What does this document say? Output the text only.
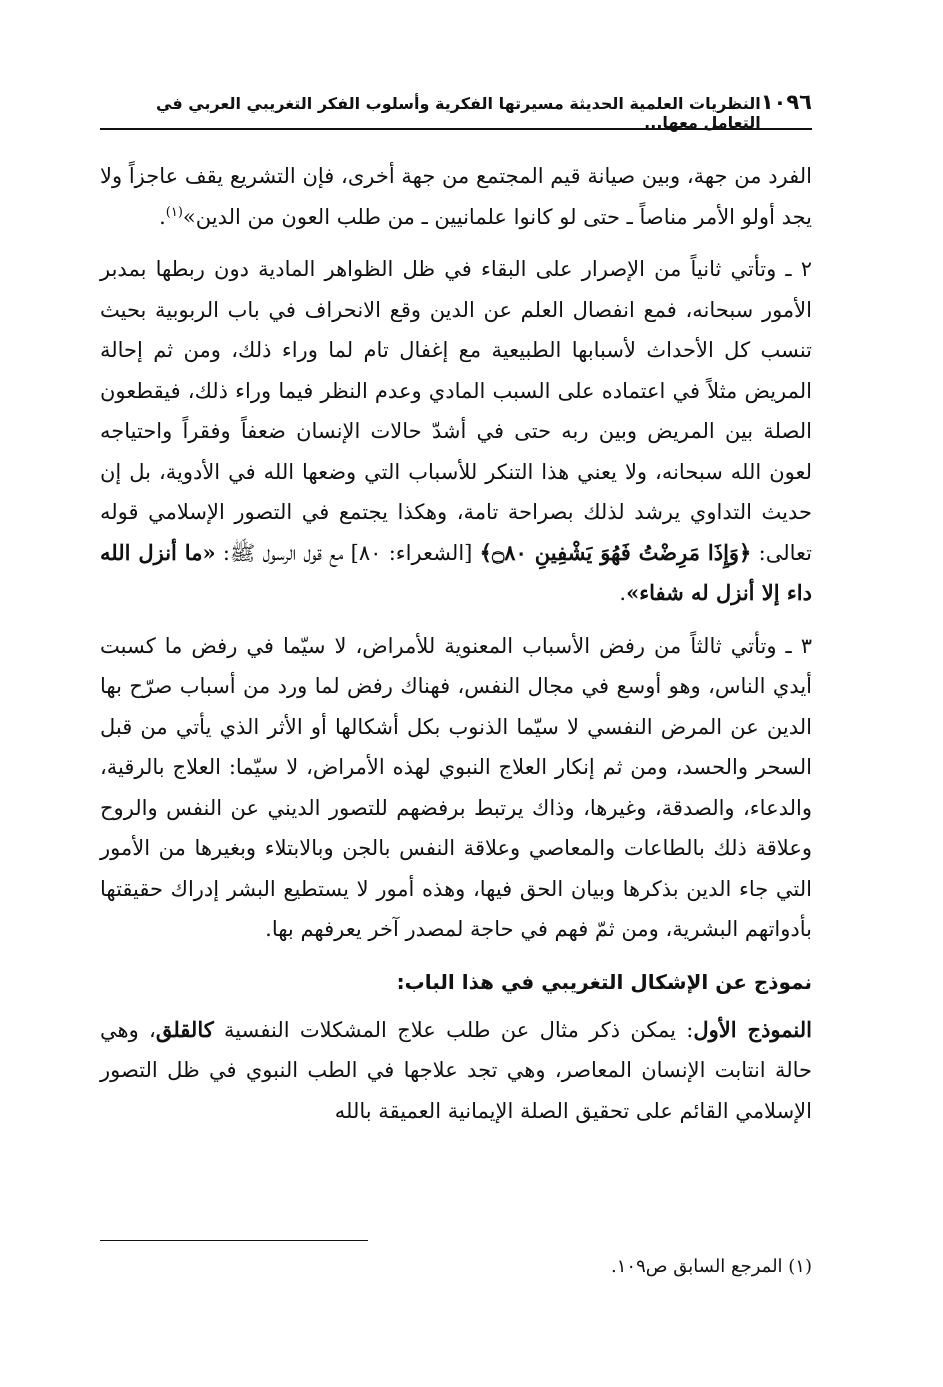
١٠٩٦
النظريات العلمية الحديثة مسيرتها الفكرية وأسلوب الفكر التغريبي العربي في التعامل معها...

الفرد من جهة، وبين صيانة قيم المجتمع من جهة أخرى، فإن التشريع يقف عاجزاً ولا يجد أولو الأمر مناصاً ـ حتى لو كانوا علمانيين ـ من طلب العون من الدين»$^{(١)}$.

٢ ـ وتأتي ثانياً من الإصرار على البقاء في ظل الظواهر المادية دون ربطها بمدبر الأمور سبحانه، فمع انفصال العلم عن الدين وقع الانحراف في باب الربوبية بحيث تنسب كل الأحداث لأسبابها الطبيعية مع إغفال تام لما وراء ذلك، ومن ثم إحالة المريض مثلاً في اعتماده على السبب المادي وعدم النظر فيما وراء ذلك، فيقطعون الصلة بين المريض وبين ربه حتى في أشدّ حالات الإنسان ضعفاً وفقراً واحتياجه لعون الله سبحانه، ولا يعني هذا التنكر للأسباب التي وضعها الله في الأدوية، بل إن حديث التداوي يرشد لذلك بصراحة تامة، وهكذا يجتمع في التصور الإسلامي قوله تعالى: ﴿وَإِذَا مَرِضْتُ فَهُوَ يَشْفِينِ ۝٨٠﴾ [الشعراء: ٨٠] مع قول الرسول ﷺ: «ما أنزل الله داء إلا أنزل له شفاء».

٣ ـ وتأتي ثالثاً من رفض الأسباب المعنوية للأمراض، لا سيّما في رفض ما كسبت أيدي الناس، وهو أوسع في مجال النفس، فهناك رفض لما ورد من أسباب صرّح بها الدين عن المرض النفسي لا سيّما الذنوب بكل أشكالها أو الأثر الذي يأتي من قبل السحر والحسد، ومن ثم إنكار العلاج النبوي لهذه الأمراض، لا سيّما: العلاج بالرقية، والدعاء، والصدقة، وغيرها، وذاك يرتبط برفضهم للتصور الديني عن النفس والروح وعلاقة ذلك بالطاعات والمعاصي وعلاقة النفس بالجن وبالابتلاء وبغيرها من الأمور التي جاء الدين بذكرها وبيان الحق فيها، وهذه أمور لا يستطيع البشر إدراك حقيقتها بأدواتهم البشرية، ومن ثمّ فهم في حاجة لمصدر آخر يعرفهم بها.

نموذج عن الإشكال التغريبي في هذا الباب:

النموذج الأول: يمكن ذكر مثال عن طلب علاج المشكلات النفسية كالقلق، وهي حالة انتابت الإنسان المعاصر، وهي تجد علاجها في الطب النبوي في ظل التصور الإسلامي القائم على تحقيق الصلة الإيمانية العميقة بالله

(١) المرجع السابق ص١٠٩.
